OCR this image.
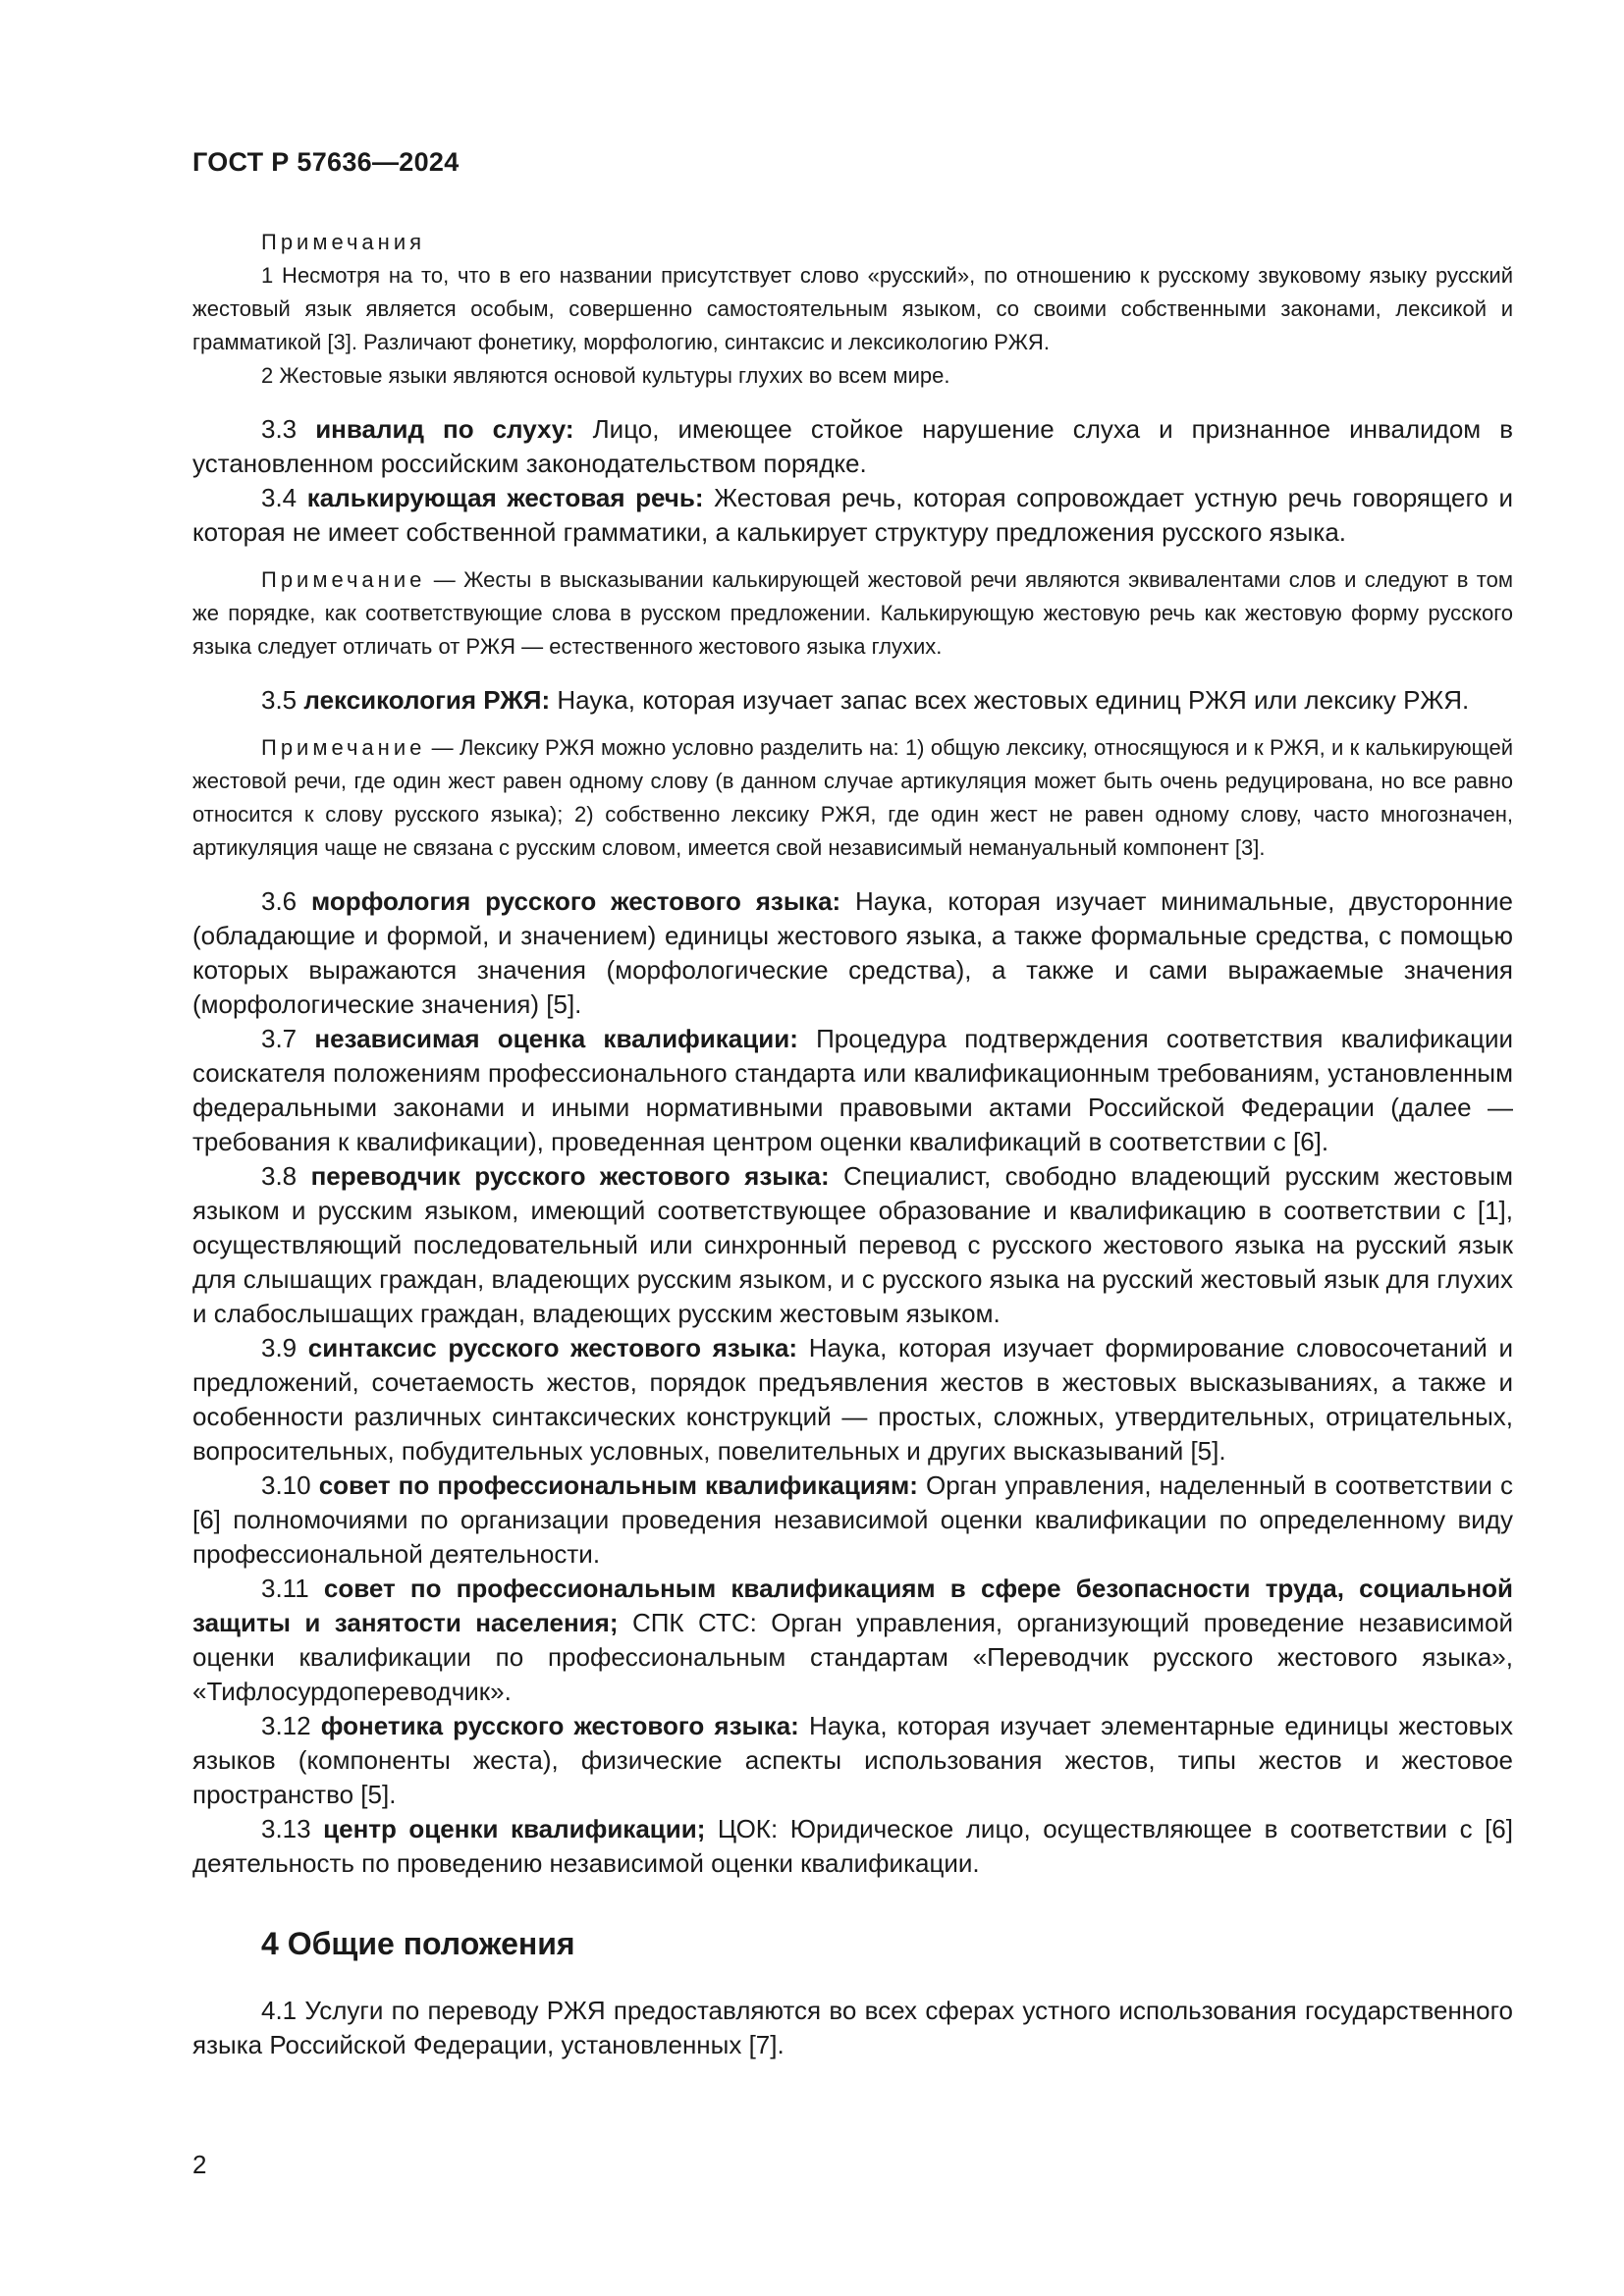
ГОСТ Р 57636—2024

Примечания

1 Несмотря на то, что в его названии присутствует слово «русский», по отношению к русскому звуковому языку русский жестовый язык является особым, совершенно самостоятельным языком, со своими собственными законами, лексикой и грамматикой [3]. Различают фонетику, морфологию, синтаксис и лексикологию РЖЯ.

2 Жестовые языки являются основой культуры глухих во всем мире.

3.3 инвалид по слуху: Лицо, имеющее стойкое нарушение слуха и признанное инвалидом в установленном российским законодательством порядке.

3.4 калькирующая жестовая речь: Жестовая речь, которая сопровождает устную речь говорящего и которая не имеет собственной грамматики, а калькирует структуру предложения русского языка.

Примечание — Жесты в высказывании калькирующей жестовой речи являются эквивалентами слов и следуют в том же порядке, как соответствующие слова в русском предложении. Калькирующую жестовую речь как жестовую форму русского языка следует отличать от РЖЯ — естественного жестового языка глухих.

3.5 лексикология РЖЯ: Наука, которая изучает запас всех жестовых единиц РЖЯ или лексику РЖЯ.

Примечание — Лексику РЖЯ можно условно разделить на: 1) общую лексику, относящуюся и к РЖЯ, и к калькирующей жестовой речи, где один жест равен одному слову (в данном случае артикуляция может быть очень редуцирована, но все равно относится к слову русского языка); 2) собственно лексику РЖЯ, где один жест не равен одному слову, часто многозначен, артикуляция чаще не связана с русским словом, имеется свой независимый немануальный компонент [3].

3.6 морфология русского жестового языка: Наука, которая изучает минимальные, двусторонние (обладающие и формой, и значением) единицы жестового языка, а также формальные средства, с помощью которых выражаются значения (морфологические средства), а также и сами выражаемые значения (морфологические значения) [5].

3.7 независимая оценка квалификации: Процедура подтверждения соответствия квалификации соискателя положениям профессионального стандарта или квалификационным требованиям, установленным федеральными законами и иными нормативными правовыми актами Российской Федерации (далее — требования к квалификации), проведенная центром оценки квалификаций в соответствии с [6].

3.8 переводчик русского жестового языка: Специалист, свободно владеющий русским жестовым языком и русским языком, имеющий соответствующее образование и квалификацию в соответствии с [1], осуществляющий последовательный или синхронный перевод с русского жестового языка на русский язык для слышащих граждан, владеющих русским языком, и с русского языка на русский жестовый язык для глухих и слабослышащих граждан, владеющих русским жестовым языком.

3.9 синтаксис русского жестового языка: Наука, которая изучает формирование словосочетаний и предложений, сочетаемость жестов, порядок предъявления жестов в жестовых высказываниях, а также и особенности различных синтаксических конструкций — простых, сложных, утвердительных, отрицательных, вопросительных, побудительных условных, повелительных и других высказываний [5].

3.10 совет по профессиональным квалификациям: Орган управления, наделенный в соответствии с [6] полномочиями по организации проведения независимой оценки квалификации по определенному виду профессиональной деятельности.

3.11 совет по профессиональным квалификациям в сфере безопасности труда, социальной защиты и занятости населения; СПК СТС: Орган управления, организующий проведение независимой оценки квалификации по профессиональным стандартам «Переводчик русского жестового языка», «Тифлосурдопереводчик».

3.12 фонетика русского жестового языка: Наука, которая изучает элементарные единицы жестовых языков (компоненты жеста), физические аспекты использования жестов, типы жестов и жестовое пространство [5].

3.13 центр оценки квалификации; ЦОК: Юридическое лицо, осуществляющее в соответствии с [6] деятельность по проведению независимой оценки квалификации.

4 Общие положения

4.1 Услуги по переводу РЖЯ предоставляются во всех сферах устного использования государственного языка Российской Федерации, установленных [7].

2
